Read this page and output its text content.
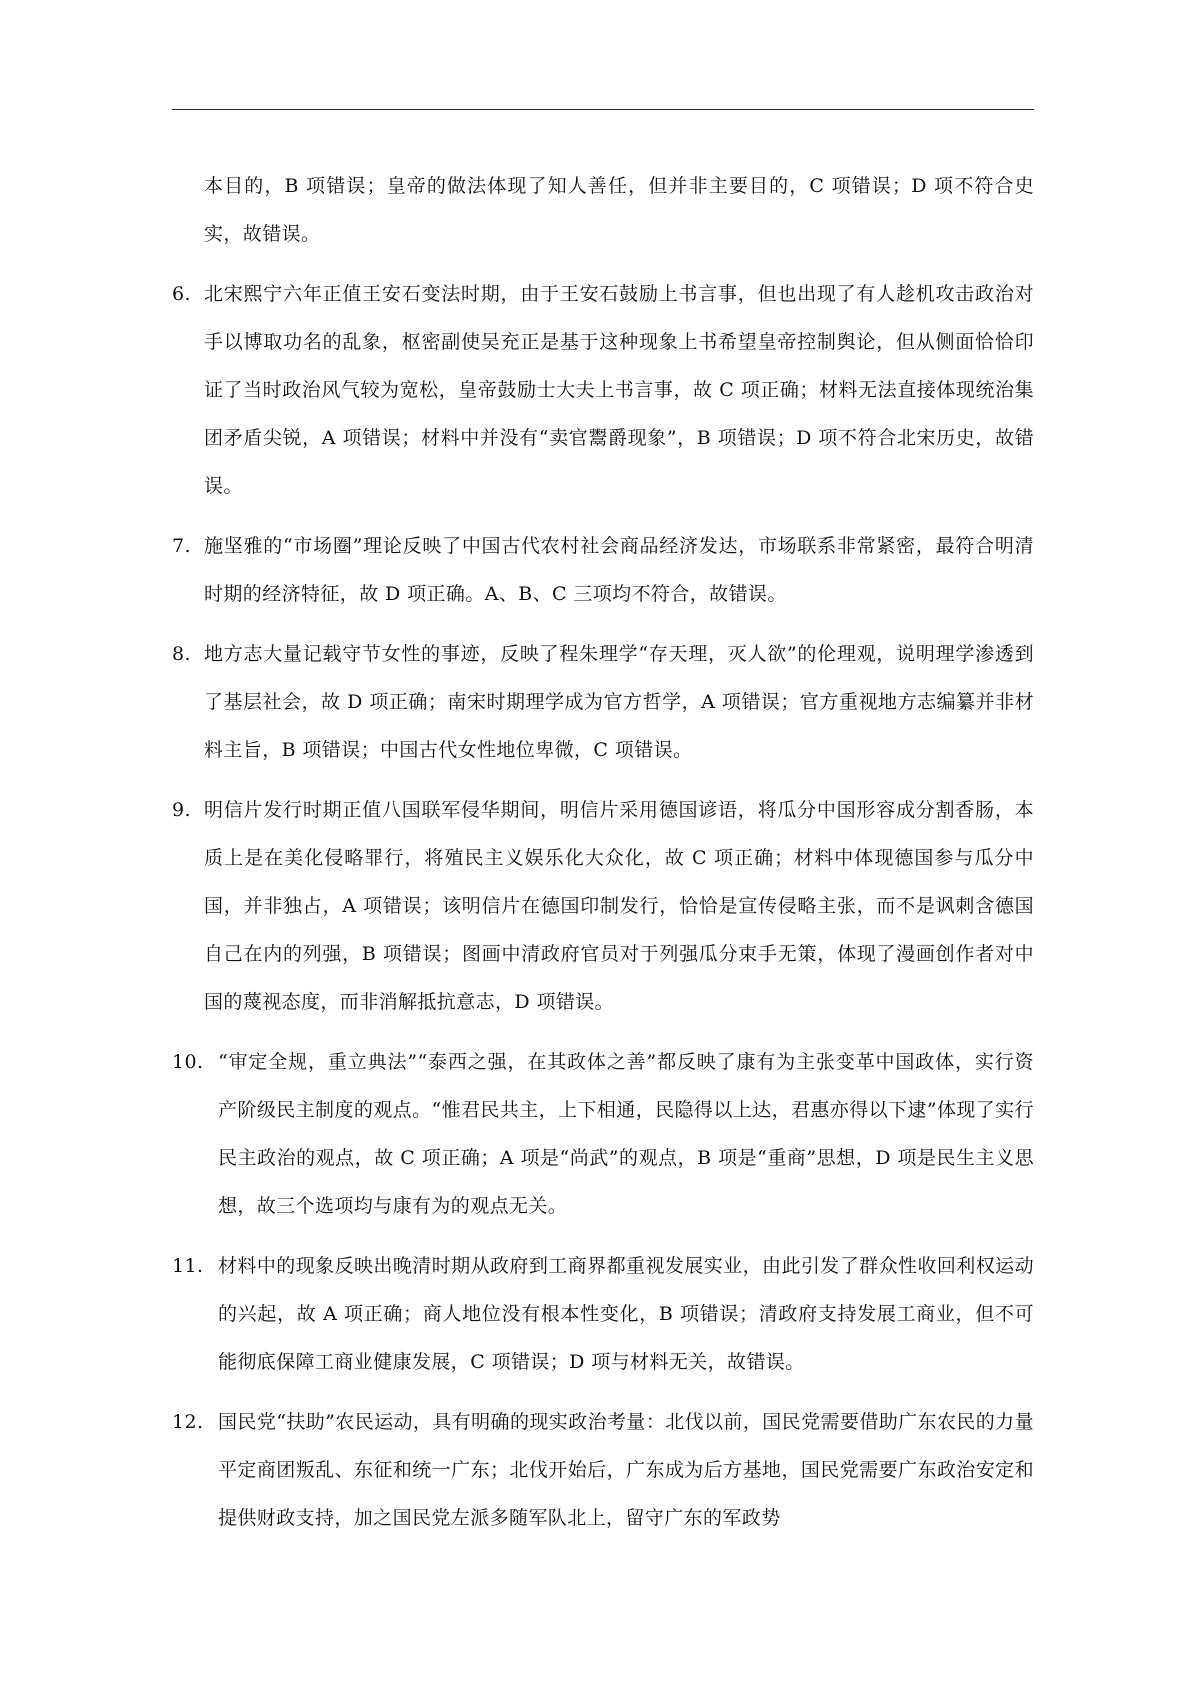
本目的，B 项错误；皇帝的做法体现了知人善任，但并非主要目的，C 项错误；D 项不符合史实，故错误。

6. 北宋熙宁六年正值王安石变法时期，由于王安石鼓励上书言事，但也出现了有人趁机攻击政治对手以博取功名的乱象，枢密副使吴充正是基于这种现象上书希望皇帝控制舆论，但从侧面恰恰印证了当时政治风气较为宽松，皇帝鼓励士大夫上书言事，故 C 项正确；材料无法直接体现统治集团矛盾尖锐，A 项错误；材料中并没有“卖官鬻爵现象”，B 项错误；D 项不符合北宋历史，故错误。

7. 施坚雅的“市场圈”理论反映了中国古代农村社会商品经济发达，市场联系非常紧密，最符合明清时期的经济特征，故 D 项正确。A、B、C 三项均不符合，故错误。

8. 地方志大量记载守节女性的事迹，反映了程朱理学“存天理，灭人欲”的伦理观，说明理学渗透到了基层社会，故 D 项正确；南宋时期理学成为官方哲学，A 项错误；官方重视地方志编纂并非材料主旨，B 项错误；中国古代女性地位卑微，C 项错误。

9. 明信片发行时期正值八国联军侵华期间，明信片采用德国谚语，将瓜分中国形容成分割香肠，本质上是在美化侵略罪行，将殖民主义娱乐化大众化，故 C 项正确；材料中体现德国参与瓜分中国，并非独占，A 项错误；该明信片在德国印制发行，恰恰是宣传侵略主张，而不是讽刺含德国自己在内的列强，B 项错误；图画中清政府官员对于列强瓜分束手无策，体现了漫画创作者对中国的蔑视态度，而非消解抵抗意志，D 项错误。

10. “审定全规，重立典法”“泰西之强，在其政体之善”都反映了康有为主张变革中国政体，实行资产阶级民主制度的观点。“惟君民共主，上下相通，民隐得以上达，君惠亦得以下逮”体现了实行民主政治的观点，故 C 项正确；A 项是“尚武”的观点，B 项是“重商”思想，D 项是民生主义思想，故三个选项均与康有为的观点无关。

11. 材料中的现象反映出晚清时期从政府到工商界都重视发展实业，由此引发了群众性收回利权运动的兴起，故 A 项正确；商人地位没有根本性变化，B 项错误；清政府支持发展工商业，但不可能彻底保障工商业健康发展，C 项错误；D 项与材料无关，故错误。

12. 国民党“扶助”农民运动，具有明确的现实政治考量：北伐以前，国民党需要借助广东农民的力量平定商团叛乱、东征和统一广东；北伐开始后，广东成为后方基地，国民党需要广东政治安定和提供财政支持，加之国民党左派多随军队北上，留守广东的军政势
